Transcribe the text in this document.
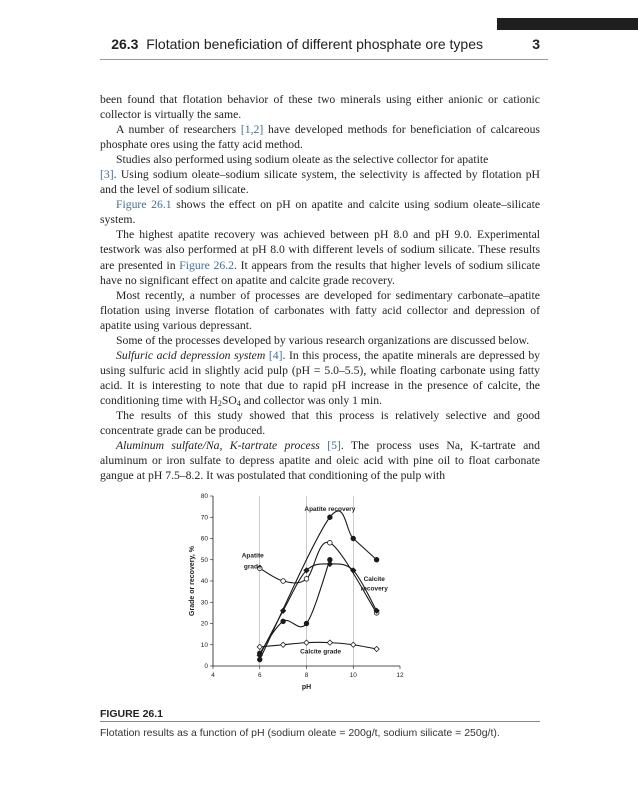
26.3 Flotation beneficiation of different phosphate ore types	3

been found that flotation behavior of these two minerals using either anionic or cationic collector is virtually the same.

A number of researchers [1,2] have developed methods for beneficiation of calcareous phosphate ores using the fatty acid method.

Studies also performed using sodium oleate as the selective collector for apatite

[3]. Using sodium oleate–sodium silicate system, the selectivity is affected by flotation pH and the level of sodium silicate.

Figure 26.1 shows the effect on pH on apatite and calcite using sodium oleate–silicate system.

The highest apatite recovery was achieved between pH 8.0 and pH 9.0. Experimental testwork was also performed at pH 8.0 with different levels of sodium silicate. These results are presented in Figure 26.2. It appears from the results that higher levels of sodium silicate have no significant effect on apatite and calcite grade recovery.

Most recently, a number of processes are developed for sedimentary carbonate–apatite flotation using inverse flotation of carbonates with fatty acid collector and depression of apatite using various depressant.

Some of the processes developed by various research organizations are discussed below.

Sulfuric acid depression system [4]. In this process, the apatite minerals are depressed by using sulfuric acid in slightly acid pulp (pH = 5.0–5.5), while floating carbonate using fatty acid. It is interesting to note that due to rapid pH increase in the presence of calcite, the conditioning time with $H_2SO_4$ and collector was only 1 min.

The results of this study showed that this process is relatively selective and good concentrate grade can be produced.

Aluminum sulfate/Na, K-tartrate process [5]. The process uses Na, K-tartrate and aluminum or iron sulfate to depress apatite and oleic acid with pine oil to float carbonate gangue at pH 7.5–8.2. It was postulated that conditioning of the pulp with

0
10
20
30
40
50
60
70
80
4	6	8	10	12
pH
Grade or recovery, %
Apatite recovery
Apatite
grade
Calcite
recovery
Calcite grade
FIGURE 26.1
Flotation results as a function of pH (sodium oleate = 200g/t, sodium silicate = 250g/t).
